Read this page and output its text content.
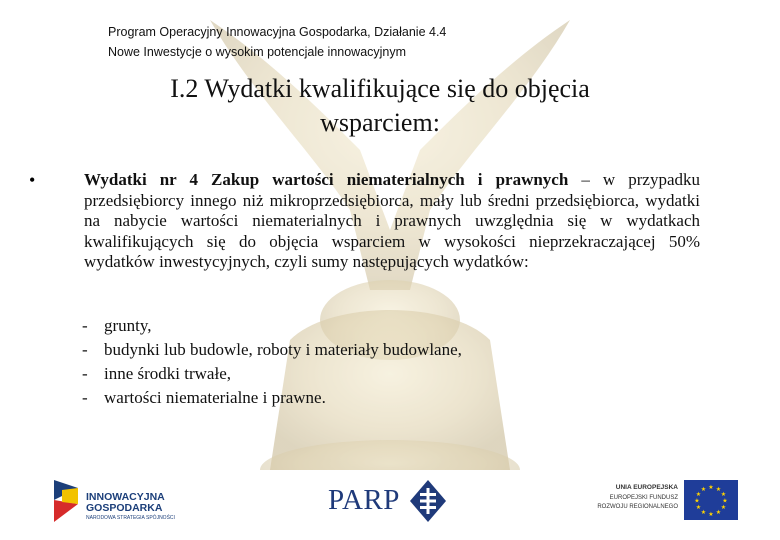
Program Operacyjny Innowacyjna Gospodarka, Działanie 4.4
Nowe Inwestycje o wysokim potencjale innowacyjnym
I.2 Wydatki kwalifikujące się do objęcia
wsparciem:
•	Wydatki nr 4 Zakup wartości niematerialnych i prawnych – w przypadku przedsiębiorcy innego niż mikroprzedsiębiorca, mały lub średni przedsiębiorca, wydatki na nabycie wartości niematerialnych i prawnych uwzględnia się w wydatkach kwalifikujących się do objęcia wsparciem w wysokości nieprzekraczającej 50% wydatków inwestycyjnych, czyli sumy następujących wydatków:
- grunty,
- budynki lub budowle, roboty i materiały budowlane,
- inne środki trwałe,
- wartości niematerialne i prawne.
INNOWACYJNA
GOSPODARKA
NARODOWA STRATEGIA SPÓJNOŚCI
PARP	UNIA EUROPEJSKA
EUROPEJSKI FUNDUSZ
ROZWOJU REGIONALNEGO
★ ★
★
★
★
★
★
★
★
★
★
★
